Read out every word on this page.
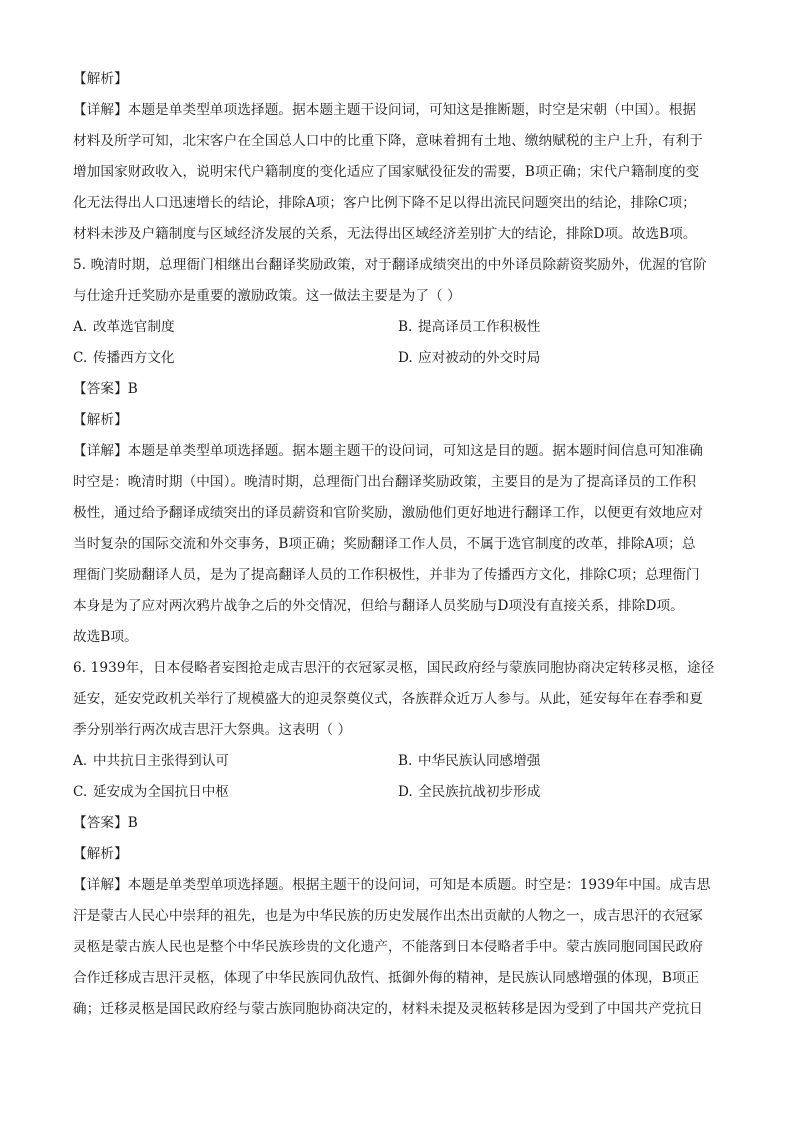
【解析】
【详解】本题是单类型单项选择题。据本题主题干设问词，可知这是推断题，时空是宋朝（中国）。根据
材料及所学可知，北宋客户在全国总人口中的比重下降，意味着拥有土地、缴纳赋税的主户上升，有利于
增加国家财政收入，说明宋代户籍制度的变化适应了国家赋役征发的需要，B项正确；宋代户籍制度的变
化无法得出人口迅速增长的结论，排除A项；客户比例下降不足以得出流民问题突出的结论，排除C项；
材料未涉及户籍制度与区域经济发展的关系，无法得出区域经济差别扩大的结论，排除D项。故选B项。
5. 晚清时期，总理衙门相继出台翻译奖励政策，对于翻译成绩突出的中外译员除薪资奖励外，优渥的官阶
与仕途升迁奖励亦是重要的激励政策。这一做法主要是为了（ ）
A. 改革选官制度	B. 提高译员工作积极性
C. 传播西方文化	D. 应对被动的外交时局
【答案】B
【解析】
【详解】本题是单类型单项选择题。据本题主题干的设问词，可知这是目的题。据本题时间信息可知准确
时空是：晚清时期（中国）。晚清时期，总理衙门出台翻译奖励政策，主要目的是为了提高译员的工作积
极性，通过给予翻译成绩突出的译员薪资和官阶奖励，激励他们更好地进行翻译工作，以便更有效地应对
当时复杂的国际交流和外交事务，B项正确；奖励翻译工作人员，不属于选官制度的改革，排除A项；总
理衙门奖励翻译人员，是为了提高翻译人员的工作积极性，并非为了传播西方文化，排除C项；总理衙门
本身是为了应对两次鸦片战争之后的外交情况，但给与翻译人员奖励与D项没有直接关系，排除D项。
故选B项。
6. 1939年，日本侵略者妄图抢走成吉思汗的衣冠冢灵柩，国民政府经与蒙族同胞协商决定转移灵柩，途径
延安，延安党政机关举行了规模盛大的迎灵祭奠仪式，各族群众近万人参与。从此，延安每年在春季和夏
季分别举行两次成吉思汗大祭典。这表明（ ）
A. 中共抗日主张得到认可	B. 中华民族认同感增强
C. 延安成为全国抗日中枢	D. 全民族抗战初步形成
【答案】B
【解析】
【详解】本题是单类型单项选择题。根据主题干的设问词，可知是本质题。时空是：1939年中国。成吉思
汗是蒙古人民心中崇拜的祖先，也是为中华民族的历史发展作出杰出贡献的人物之一，成吉思汗的衣冠冢
灵柩是蒙古族人民也是整个中华民族珍贵的文化遗产，不能落到日本侵略者手中。蒙古族同胞同国民政府
合作迁移成吉思汗灵柩，体现了中华民族同仇敌忾、抵御外侮的精神，是民族认同感增强的体现，B项正
确；迁移灵柩是国民政府经与蒙古族同胞协商决定的，材料未提及灵柩转移是因为受到了中国共产党抗日
